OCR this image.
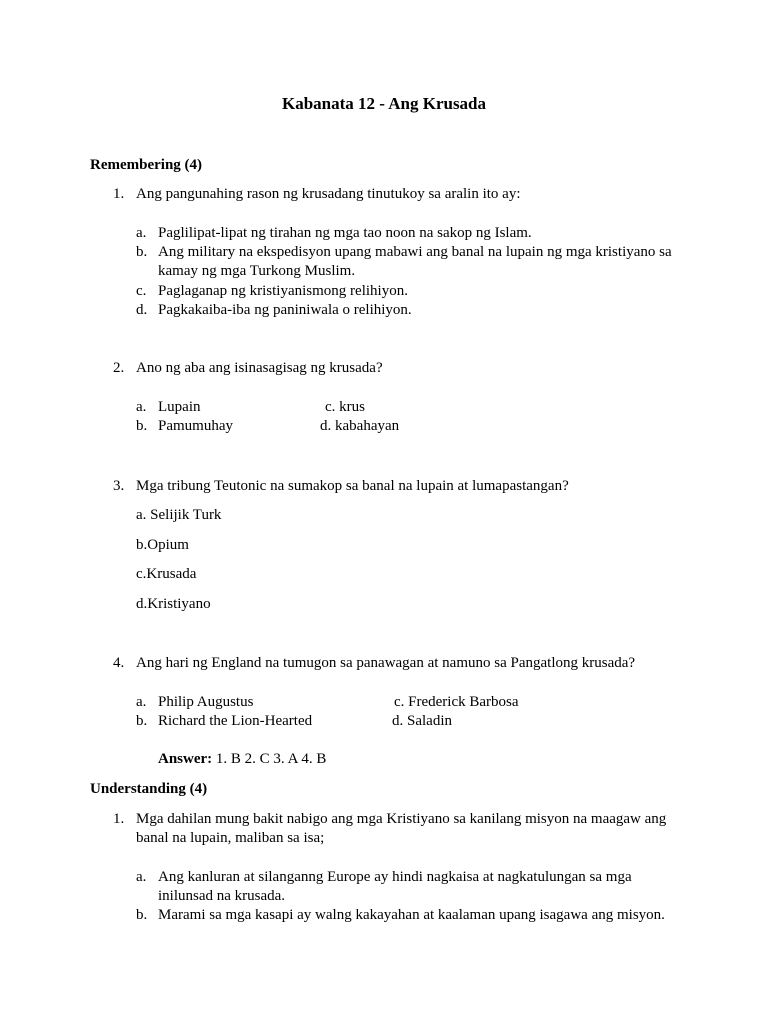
Kabanata 12 - Ang Krusada
Remembering (4)
1. Ang pangunahing rason ng krusadang tinutukoy sa aralin ito ay:
a. Paglilipat-lipat ng tirahan ng mga tao noon na sakop ng Islam.
b. Ang military na ekspedisyon upang mabawi ang banal na lupain ng mga kristiyano sa
kamay ng mga Turkong Muslim.
c. Paglaganap ng kristiyanismong relihiyon.
d. Pagkakaiba-iba ng paniniwala o relihiyon.
2. Ano ng aba ang isinasagisag ng krusada?
a. Lupain	c. krus
b. Pamumuhay	d. kabahayan
3. Mga tribung Teutonic na sumakop sa banal na lupain at lumapastangan?
a. Selijik Turk
b.Opium
c.Krusada
d.Kristiyano
4. Ang hari ng England na tumugon sa panawagan at namuno sa Pangatlong krusada?
a. Philip Augustus	c. Frederick Barbosa
b. Richard the Lion-Hearted	d. Saladin
Answer: 1. B 2. C 3. A 4. B
Understanding (4)
1. Mga dahilan mung bakit nabigo ang mga Kristiyano sa kanilang misyon na maagaw ang
banal na lupain, maliban sa isa;
a. Ang kanluran at silanganng Europe ay hindi nagkaisa at nagkatulungan sa mga
inilunsad na krusada.
b. Marami sa mga kasapi ay walng kakayahan at kaalaman upang isagawa ang misyon.
